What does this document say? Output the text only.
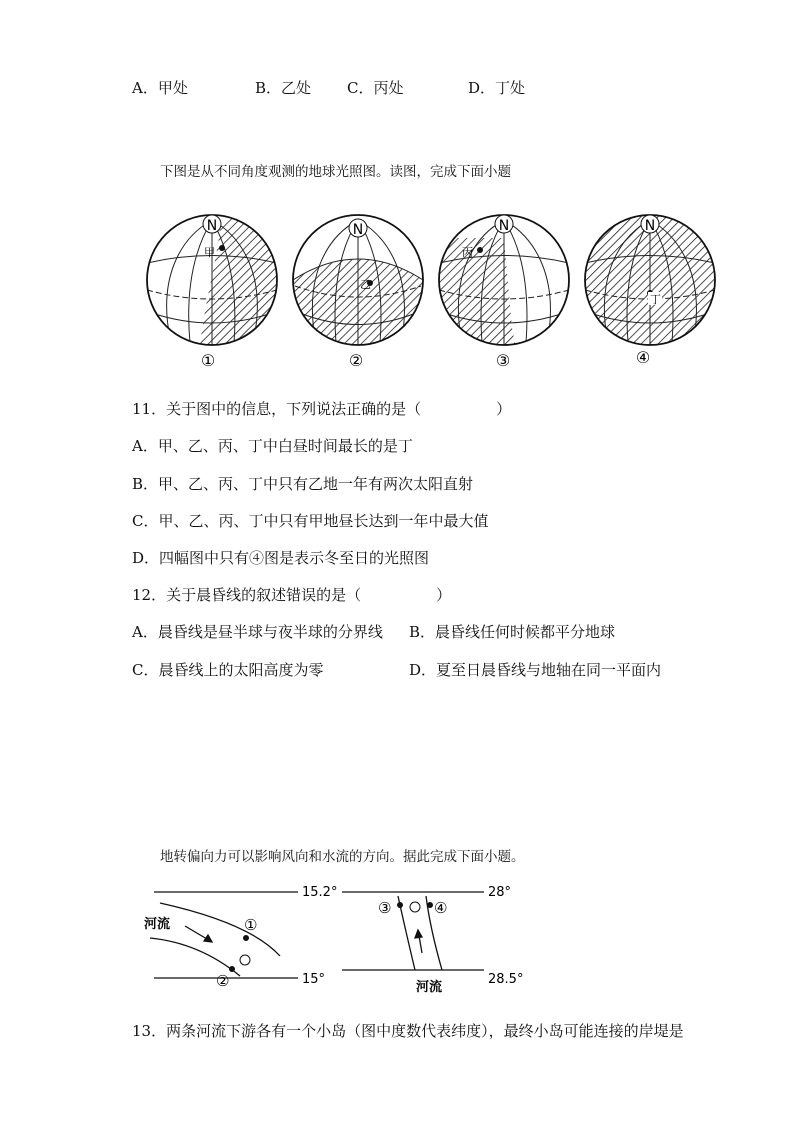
A．甲处	B．乙处 C．丙处	D．丁处
下图是从不同角度观测的地球光照图。读图，完成下面小题
N
甲
①
N
乙
②
N
丙
③
N
丁
④
11．关于图中的信息，下列说法正确的是（　　　　　）
A．甲、乙、丙、丁中白昼时间最长的是丁
B．甲、乙、丙、丁中只有乙地一年有两次太阳直射
C．甲、乙、丙、丁中只有甲地昼长达到一年中最大值
D．四幅图中只有④图是表示冬至日的光照图
12．关于晨昏线的叙述错误的是（　　　　　）
A．晨昏线是昼半球与夜半球的分界线 B．晨昏线任何时候都平分地球
C．晨昏线上的太阳高度为零	D．夏至日晨昏线与地轴在同一平面内
地转偏向力可以影响风向和水流的方向。据此完成下面小题。
15.2°
15°
河流	①
②
28°
28.5°
河流
③	④
13．两条河流下游各有一个小岛（图中度数代表纬度），最终小岛可能连接的岸堤是
